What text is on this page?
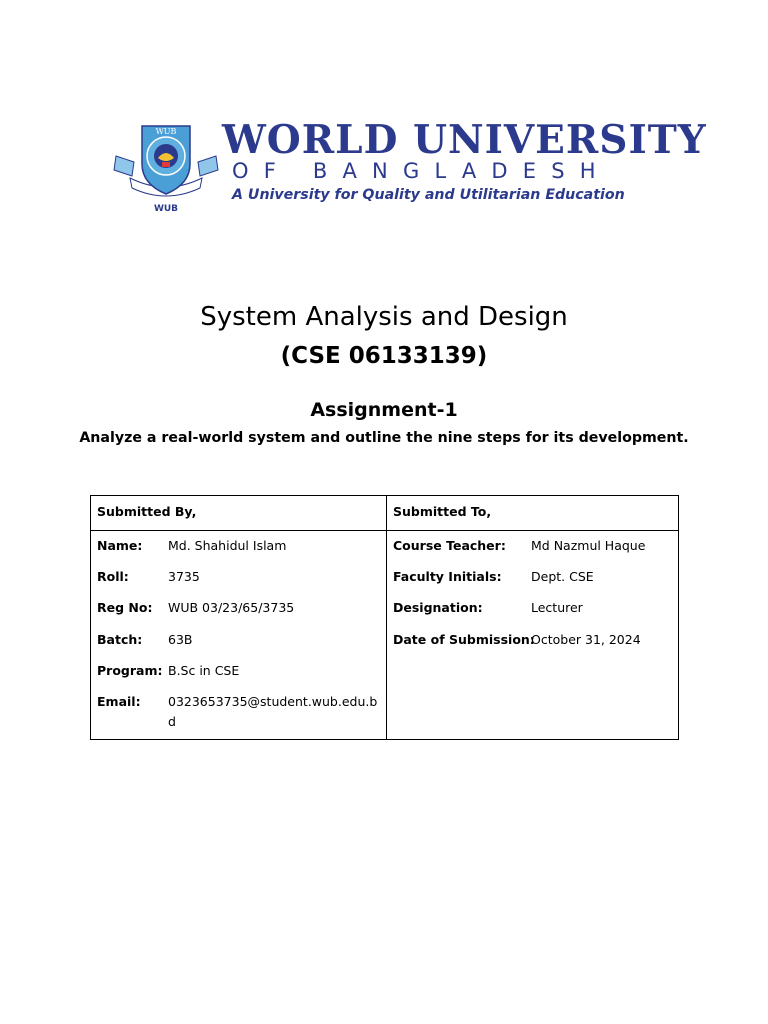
WUB
WUB
WORLD UNIVERSITY
OF BANGLADESH
A University for Quality and Utilitarian Education
System Analysis and Design
(CSE 06133139)
Assignment-1
Analyze a real-world system and outline the nine steps for its development.
Submitted By,
Name: Md. Shahidul Islam
Roll:	3735
Reg No: WUB 03/23/65/3735
Batch: 63B
Program: B.Sc in CSE
Email: 0323653735@student.wub.edu.b
d
Submitted To,
Course Teacher: Md Nazmul Haque
Faculty Initials: Dept. CSE
Designation:	Lecturer
Date of Submission:
October 31, 2024
